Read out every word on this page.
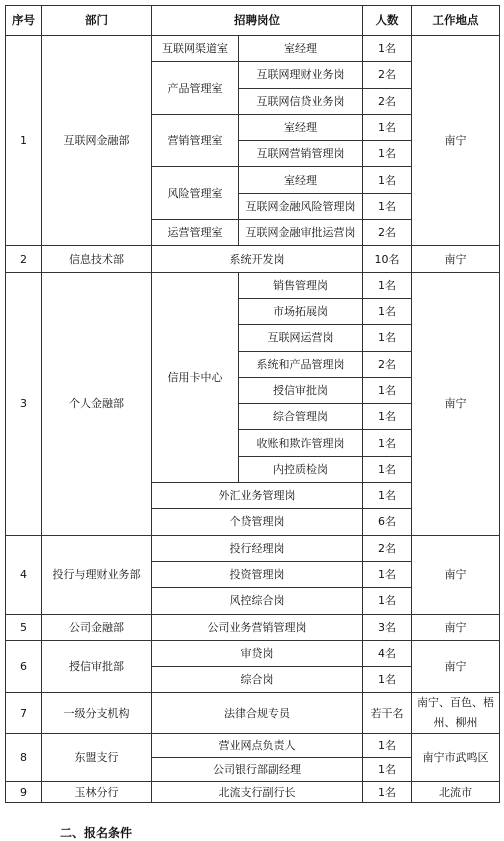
序号	部门	招聘岗位		人数	工作地点
1	互联网金融部	互联网渠道室	室经理	1名	南宁
		产品管理室	互联网理财业务岗	2名	
			互联网信贷业务岗	2名	
		营销管理室	室经理	1名	
			互联网营销管理岗	1名	
		风险管理室	室经理	1名	
			互联网金融风险管理岗	1名	
		运营管理室	互联网金融审批运营岗	2名	
2	信息技术部	系统开发岗		10名	南宁
3	个人金融部	信用卡中心	销售管理岗	1名	南宁
			市场拓展岗	1名	
			互联网运营岗	1名	
			系统和产品管理岗	2名	
			授信审批岗	1名	
			综合管理岗	1名	
			收账和欺诈管理岗	1名	
			内控质检岗	1名	
		外汇业务管理岗		1名	
		个贷管理岗		6名	
4	投行与理财业务部	投行经理岗		2名	南宁
		投资管理岗		1名	
		风控综合岗		1名	
5	公司金融部	公司业务营销管理岗		3名	南宁
6	授信审批部	审贷岗		4名	南宁
		综合岗		1名	
7	一级分支机构	法律合规专员		若干名	南宁、百色、梧州、柳州
8	东盟支行	营业网点负责人		1名	南宁市武鸣区
		公司银行部副经理		1名	
9	玉林分行	北流支行副行长		1名	北流市
二、报名条件
